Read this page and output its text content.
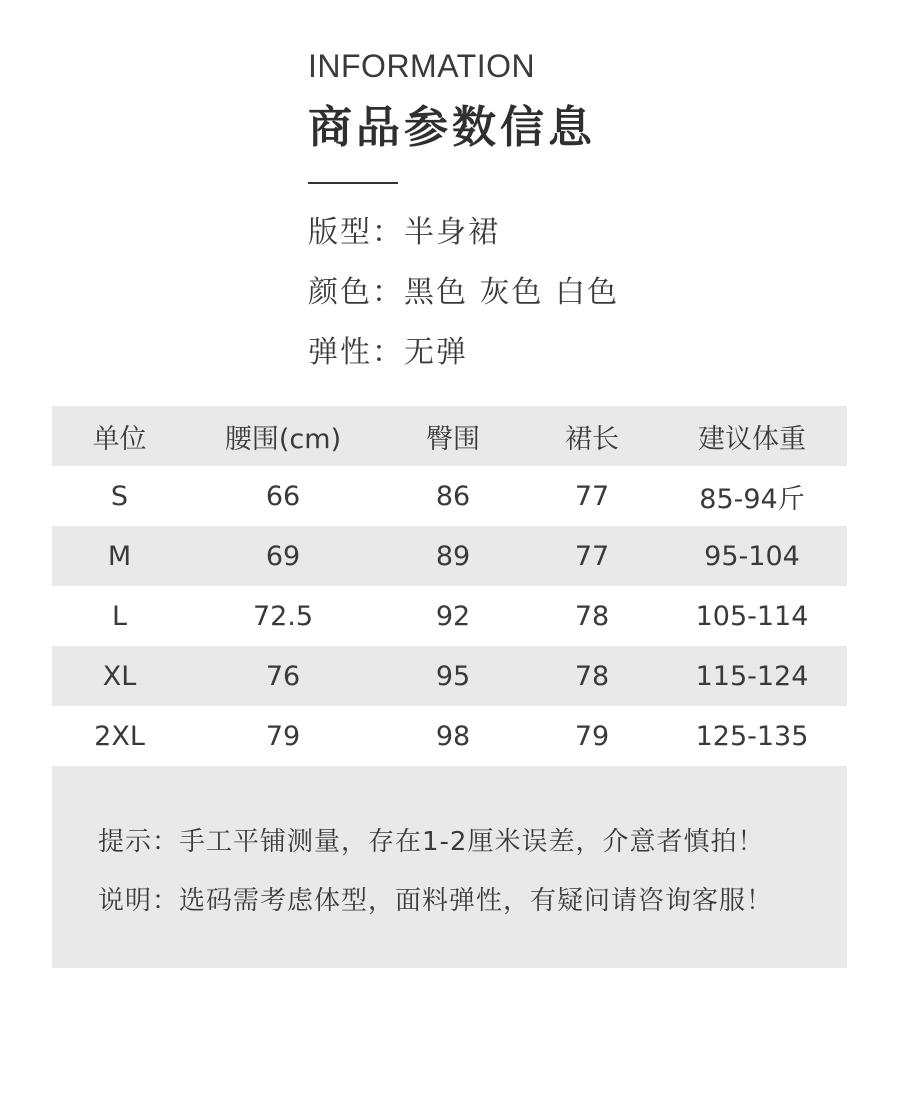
INFORMATION

商品参数信息

版型：半身裙
颜色：黑色 灰色 白色
弹性：无弹
单位	腰围(cm)	臀围	裙长	建议体重
S	66	86	77	85-94斤
M	69	89	77	95-104
L	72.5	92	78	105-114
XL	76	95	78	115-124
2XL	79	98	79	125-135
提示：手工平铺测量，存在1-2厘米误差，介意者慎拍！
说明：选码需考虑体型，面料弹性，有疑问请咨询客服！
